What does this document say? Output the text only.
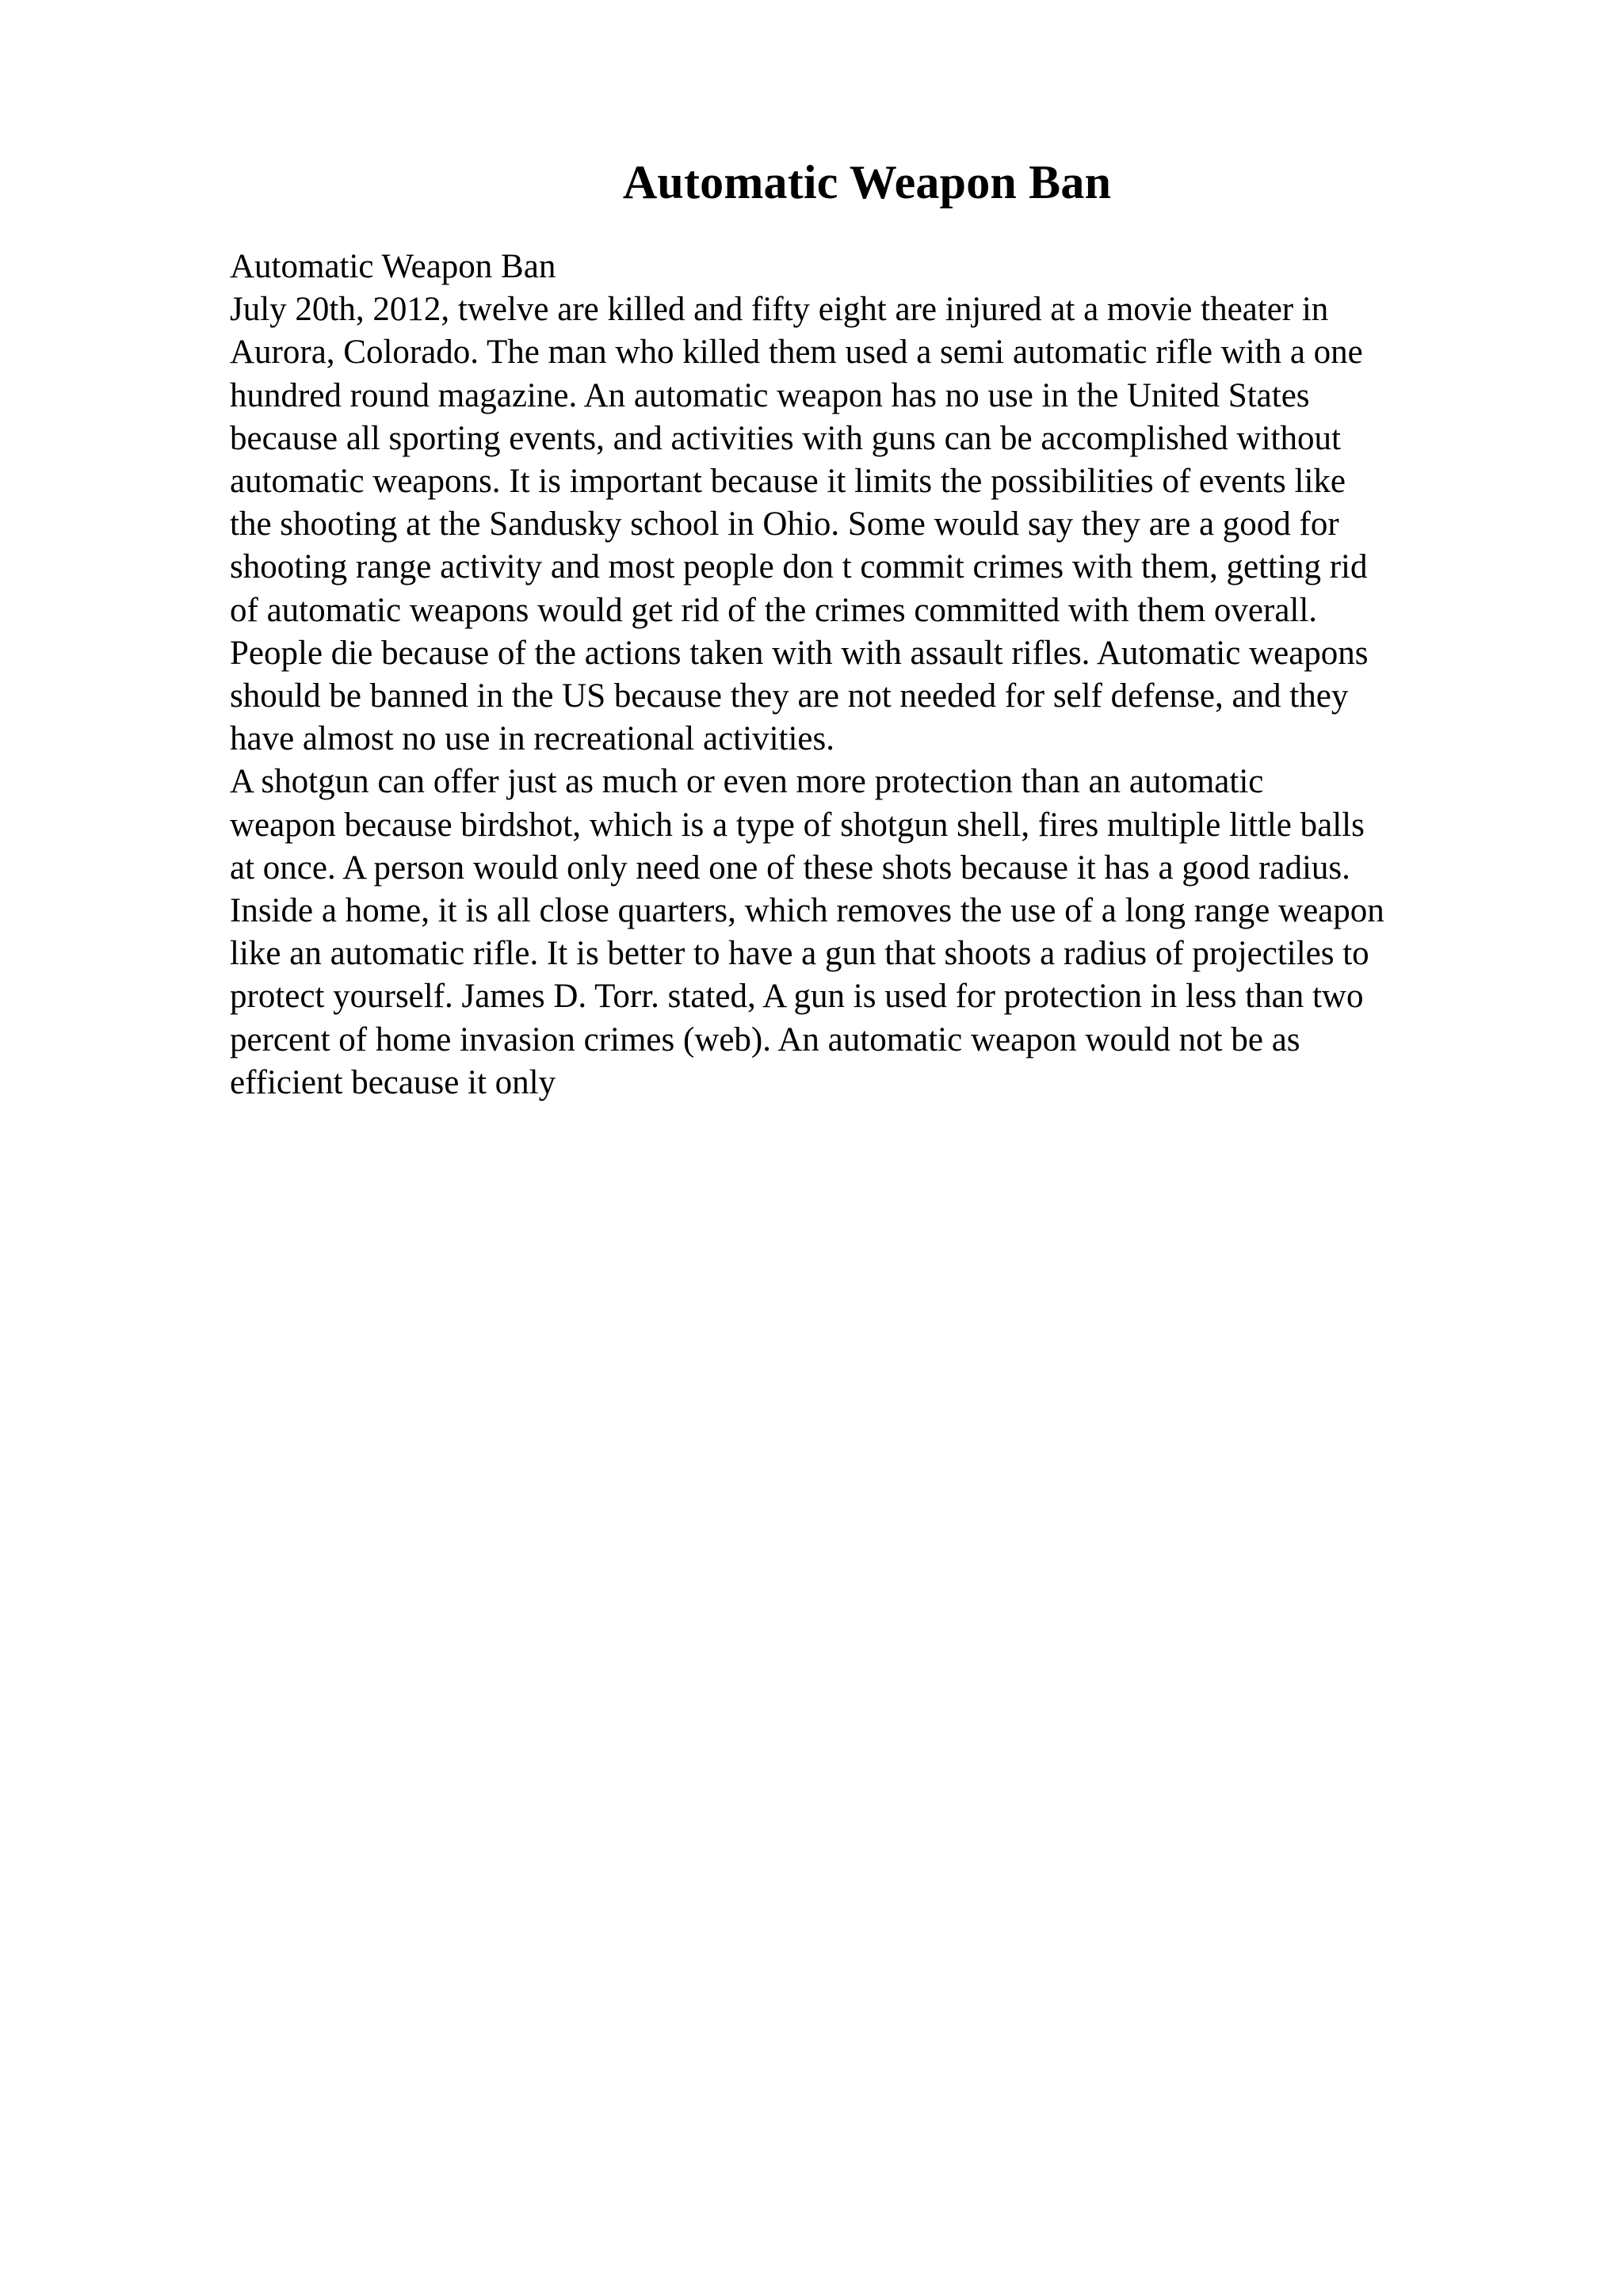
Automatic Weapon Ban
Automatic Weapon Ban
July 20th, 2012, twelve are killed and fifty eight are injured at a movie theater in
Aurora, Colorado. The man who killed them used a semi automatic rifle with a one
hundred round magazine. An automatic weapon has no use in the United States
because all sporting events, and activities with guns can be accomplished without
automatic weapons. It is important because it limits the possibilities of events like
the shooting at the Sandusky school in Ohio. Some would say they are a good for
shooting range activity and most people don t commit crimes with them, getting rid
of automatic weapons would get rid of the crimes committed with them overall.
People die because of the actions taken with with assault rifles. Automatic weapons
should be banned in the US because they are not needed for self defense, and they
have almost no use in recreational activities.
A shotgun can offer just as much or even more protection than an automatic
weapon because birdshot, which is a type of shotgun shell, fires multiple little balls
at once. A person would only need one of these shots because it has a good radius.
Inside a home, it is all close quarters, which removes the use of a long range weapon
like an automatic rifle. It is better to have a gun that shoots a radius of projectiles to
protect yourself. James D. Torr. stated, A gun is used for protection in less than two
percent of home invasion crimes (web). An automatic weapon would not be as
efficient because it only
